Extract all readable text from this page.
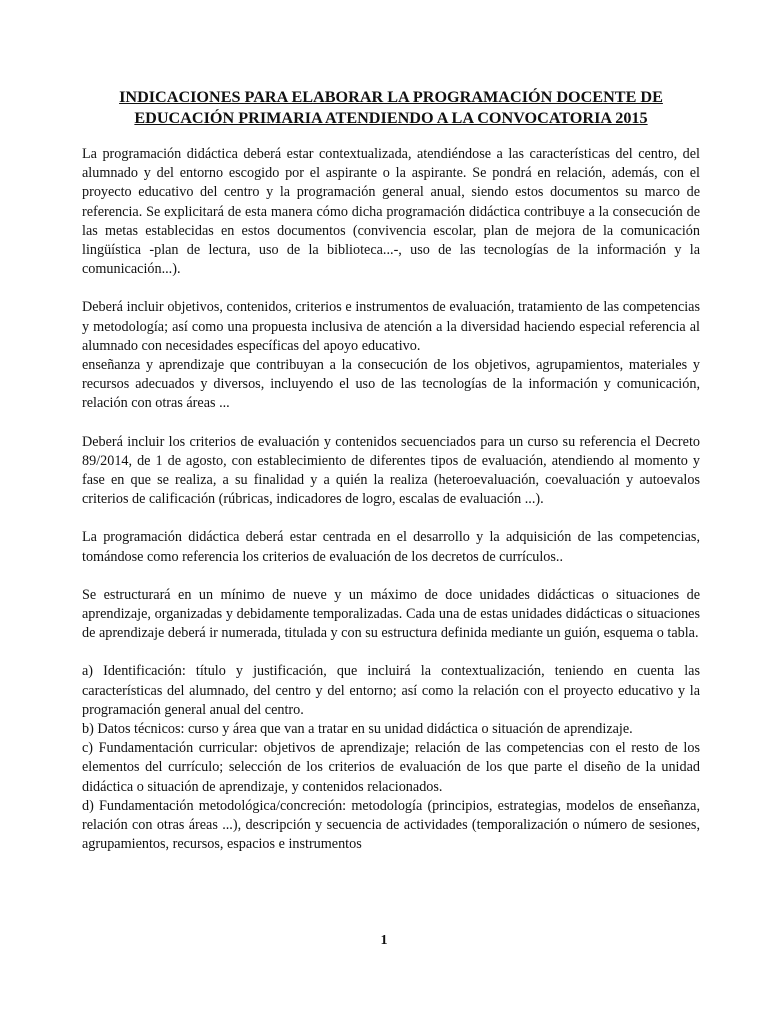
INDICACIONES PARA ELABORAR LA PROGRAMACIÓN DOCENTE DE
EDUCACIÓN PRIMARIA ATENDIENDO A LA CONVOCATORIA 2015

La programación didáctica deberá estar contextualizada, atendiéndose a las características del centro, del alumnado y del entorno escogido por el aspirante o la aspirante. Se pondrá en relación, además, con el proyecto educativo del centro y la programación general anual, siendo estos documentos su marco de referencia. Se explicitará de esta manera cómo dicha programación didáctica contribuye a la consecución de las metas establecidas en estos documentos (convivencia escolar, plan de mejora de la comunicación lingüística -plan de lectura, uso de la biblioteca...-, uso de las tecnologías de la información y la comunicación...).

Deberá incluir objetivos, contenidos, criterios e instrumentos de evaluación, tratamiento de las competencias y metodología; así como una propuesta inclusiva de atención a la diversidad haciendo especial referencia al alumnado con necesidades específicas del apoyo educativo.

enseñanza y aprendizaje que contribuyan a la consecución de los objetivos, agrupamientos, materiales y recursos adecuados y diversos, incluyendo el uso de las tecnologías de la información y comunicación, relación con otras áreas ...

Deberá incluir los criterios de evaluación y contenidos secuenciados para un curso su referencia el Decreto 89/2014, de 1 de agosto, con establecimiento de diferentes tipos de evaluación, atendiendo al momento y fase en que se realiza, a su finalidad y a quién la realiza (heteroevaluación, coevaluación y autoevalos criterios de calificación (rúbricas, indicadores de logro, escalas de evaluación ...).

La programación didáctica deberá estar centrada en el desarrollo y la adquisición de las competencias, tomándose como referencia los criterios de evaluación de los decretos de currículos..

Se estructurará en un mínimo de nueve y un máximo de doce unidades didácticas o situaciones de aprendizaje, organizadas y debidamente temporalizadas. Cada una de estas unidades didácticas o situaciones de aprendizaje deberá ir numerada, titulada y con su estructura definida mediante un guión, esquema o tabla.

a) Identificación: título y justificación, que incluirá la contextualización, teniendo en cuenta las características del alumnado, del centro y del entorno; así como la relación con el proyecto educativo y la programación general anual del centro.

b) Datos técnicos: curso y área que van a tratar en su unidad didáctica o situación de aprendizaje.

c) Fundamentación curricular: objetivos de aprendizaje; relación de las competencias con el resto de los elementos del currículo; selección de los criterios de evaluación de los que parte el diseño de la unidad didáctica o situación de aprendizaje, y contenidos relacionados.

d) Fundamentación metodológica/concreción: metodología (principios, estrategias, modelos de enseñanza, relación con otras áreas ...), descripción y secuencia de actividades (temporalización o número de sesiones, agrupamientos, recursos, espacios e instrumentos

1
